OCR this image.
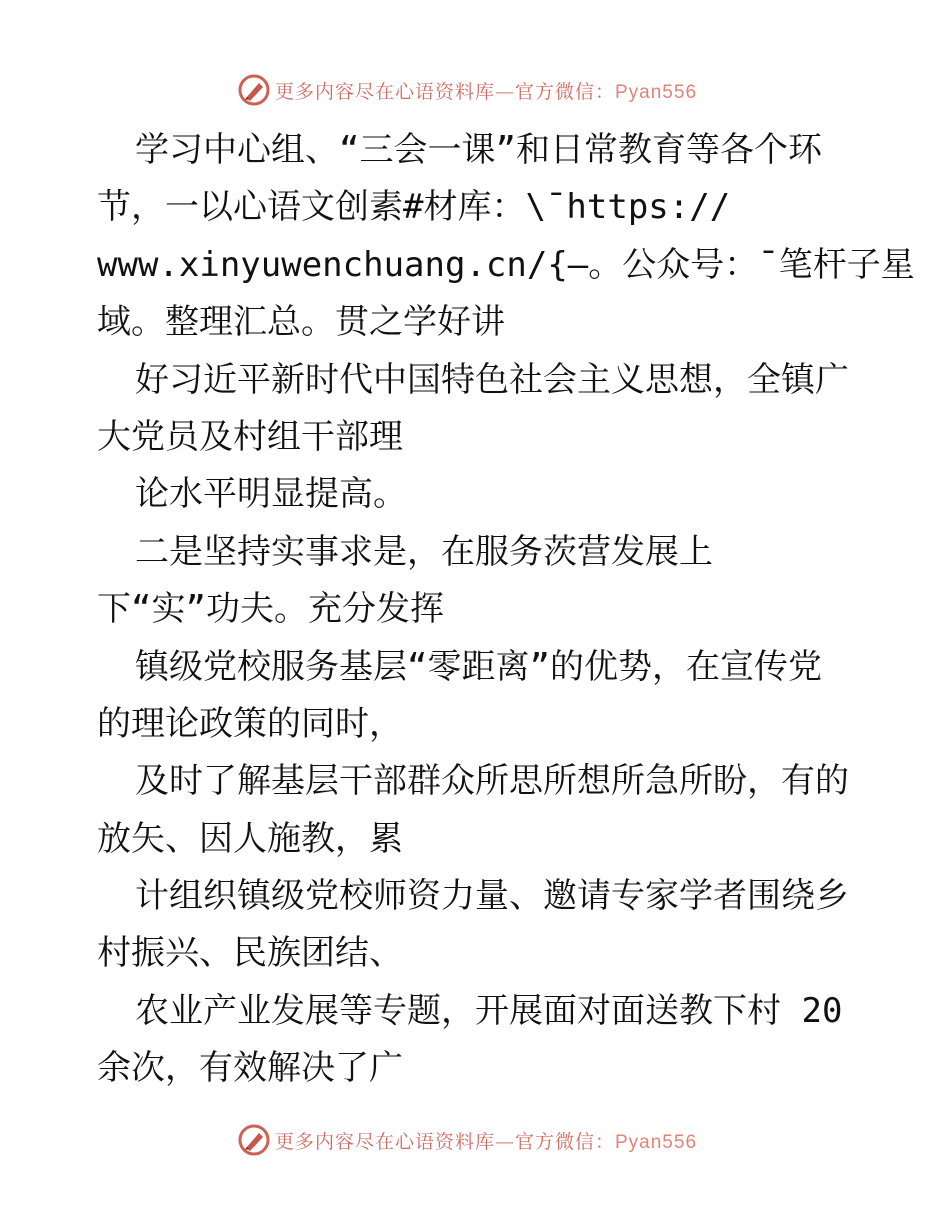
更多内容尽在心语资料库—官方微信：Pyan556
学习中心组、“三会一课”和日常教育等各个环
节，一以心语文创素#材库：\¯https://
www.xinyuwenchuang.cn/{—。公众号：¯笔杆子星
域。整理汇总。贯之学好讲
好习近平新时代中国特色社会主义思想，全镇广
大党员及村组干部理
论水平明显提高。
二是坚持实事求是，在服务茨营发展上
下“实”功夫。充分发挥
镇级党校服务基层“零距离”的优势，在宣传党
的理论政策的同时，
及时了解基层干部群众所思所想所急所盼，有的
放矢、因人施教，累
计组织镇级党校师资力量、邀请专家学者围绕乡
村振兴、民族团结、
农业产业发展等专题，开展面对面送教下村 20
余次，有效解决了广
更多内容尽在心语资料库—官方微信：Pyan556
